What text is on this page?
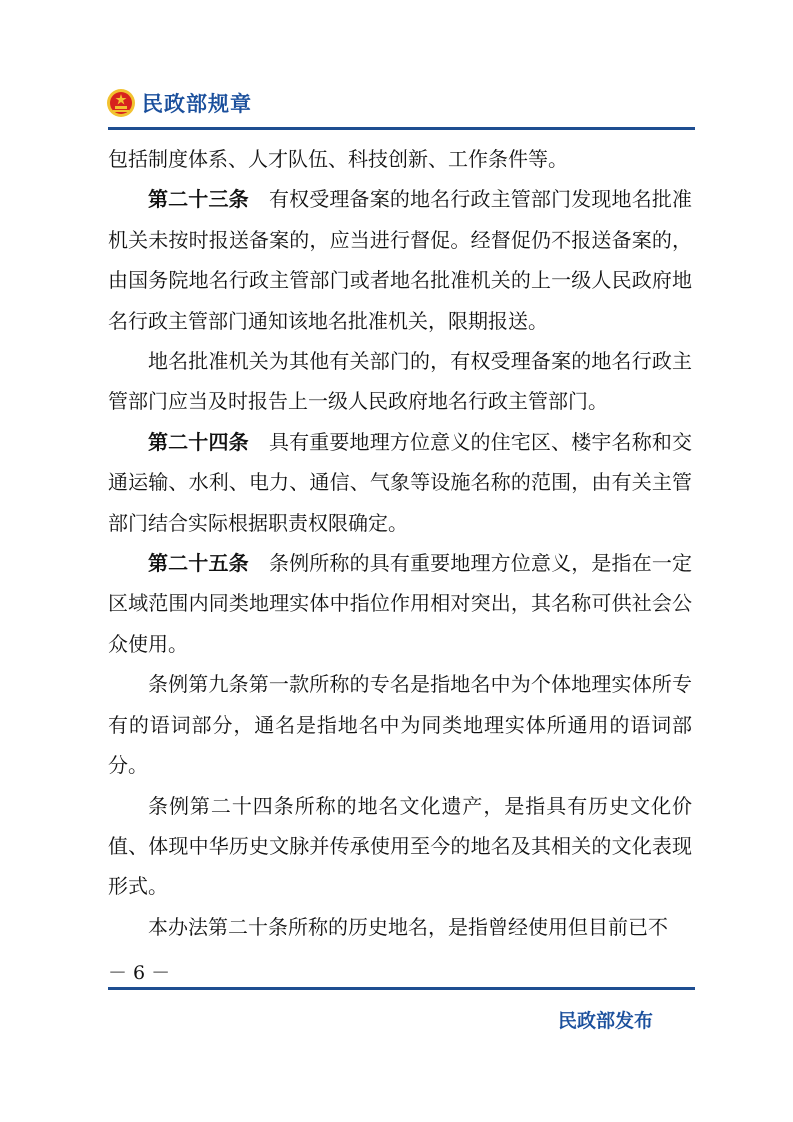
民政部规章

包括制度体系、人才队伍、科技创新、工作条件等。

第二十三条　 有权受理备案的地名行政主管部门发现地名批准机关未按时报送备案的，应当进行督促。经督促仍不报送备案的，由国务院地名行政主管部门或者地名批准机关的上一级人民政府地名行政主管部门通知该地名批准机关，限期报送。

地名批准机关为其他有关部门的，有权受理备案的地名行政主管部门应当及时报告上一级人民政府地名行政主管部门。

第二十四条　 具有重要地理方位意义的住宅区、楼宇名称和交通运输、水利、电力、通信、气象等设施名称的范围，由有关主管部门结合实际根据职责权限确定。

第二十五条　 条例所称的具有重要地理方位意义，是指在一定区域范围内同类地理实体中指位作用相对突出，其名称可供社会公众使用。

条例第九条第一款所称的专名是指地名中为个体地理实体所专有的语词部分，通名是指地名中为同类地理实体所通用的语词部分。

条例第二十四条所称的地名文化遗产，是指具有历史文化价值、体现中华历史文脉并传承使用至今的地名及其相关的文化表现形式。

本办法第二十条所称的历史地名，是指曾经使用但目前已不

－ 6 －
民政部发布
